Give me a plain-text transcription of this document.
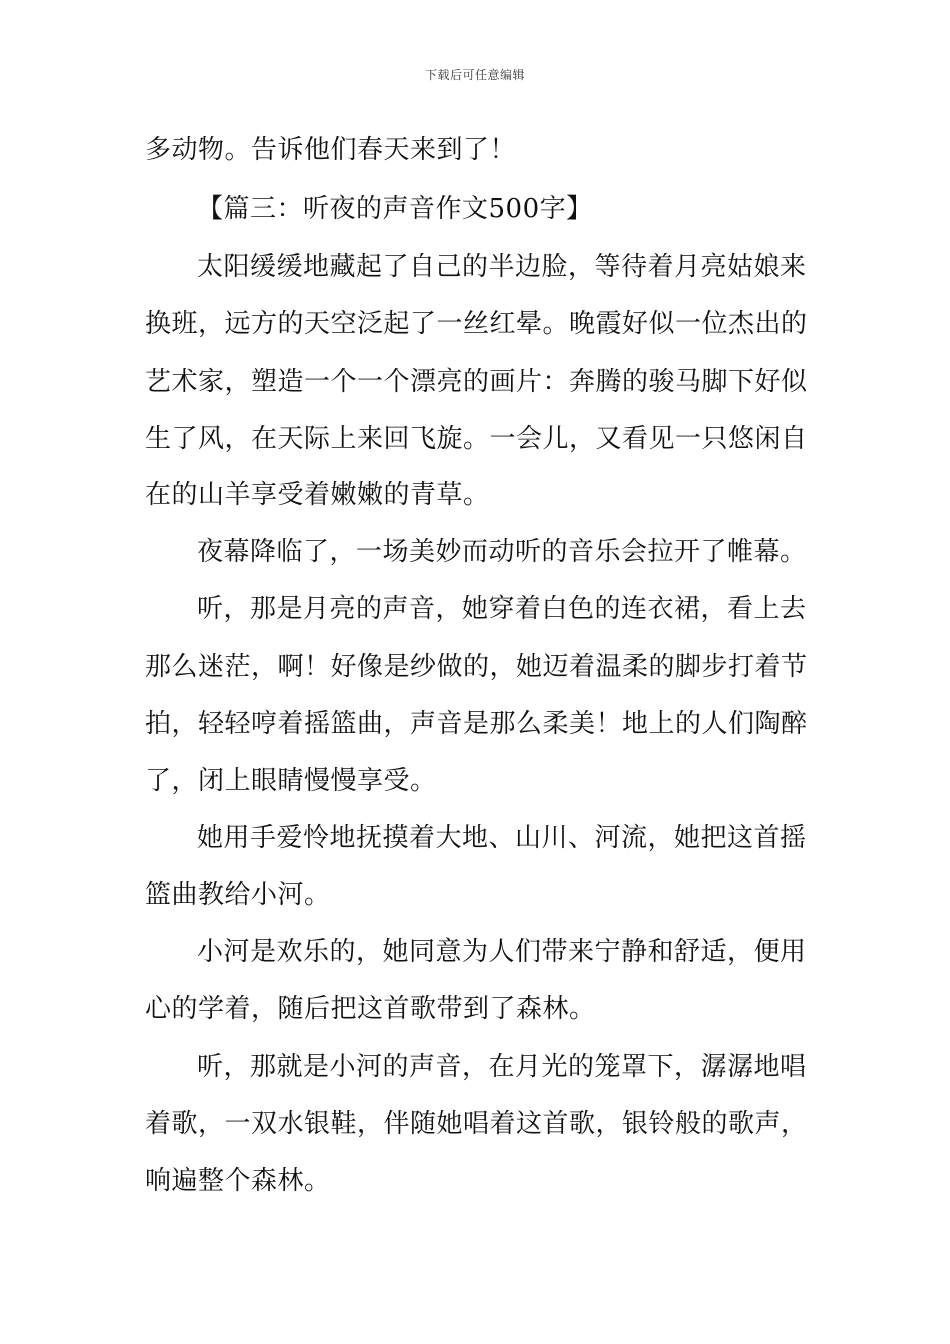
下载后可任意编辑
多动物。告诉他们春天来到了！
【篇三：听夜的声音作文500字】
太阳缓缓地藏起了自己的半边脸，等待着月亮姑娘来
换班，远方的天空泛起了一丝红晕。晚霞好似一位杰出的
艺术家，塑造一个一个漂亮的画片：奔腾的骏马脚下好似
生了风，在天际上来回飞旋。一会儿，又看见一只悠闲自
在的山羊享受着嫩嫩的青草。
夜幕降临了，一场美妙而动听的音乐会拉开了帷幕。
听，那是月亮的声音，她穿着白色的连衣裙，看上去
那么迷茫，啊！好像是纱做的，她迈着温柔的脚步打着节
拍，轻轻哼着摇篮曲，声音是那么柔美！地上的人们陶醉
了，闭上眼睛慢慢享受。
她用手爱怜地抚摸着大地、山川、河流，她把这首摇
篮曲教给小河。
小河是欢乐的，她同意为人们带来宁静和舒适，便用
心的学着，随后把这首歌带到了森林。
听，那就是小河的声音，在月光的笼罩下，潺潺地唱
着歌，一双水银鞋，伴随她唱着这首歌，银铃般的歌声，
响遍整个森林。
